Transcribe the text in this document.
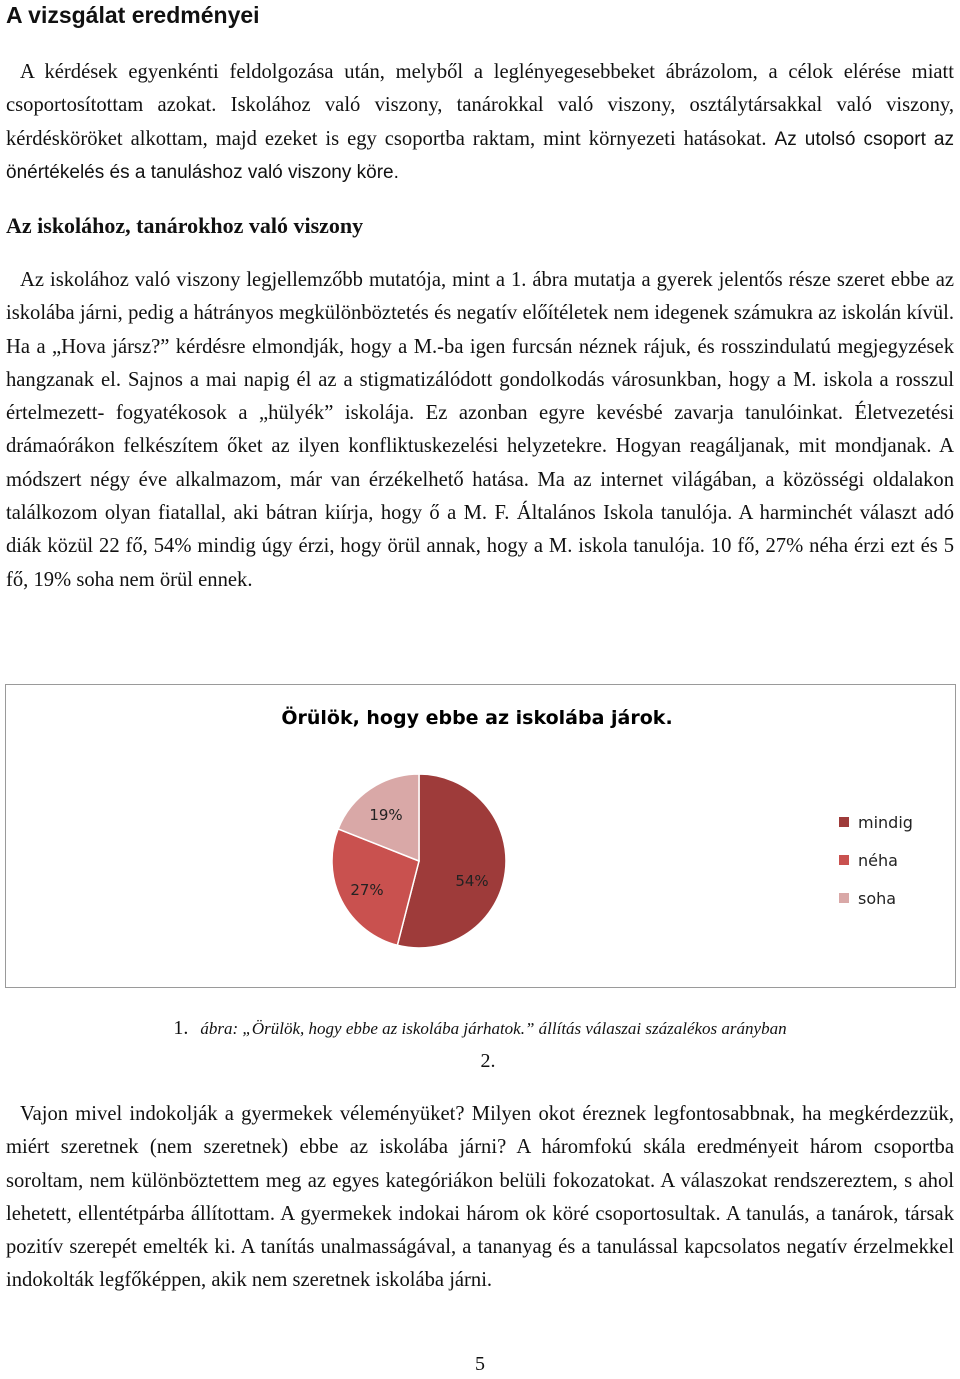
A vizsgálat eredményei

A kérdések egyenkénti feldolgozása után, melyből a leglényegesebbeket ábrázolom, a célok elérése miatt csoportosítottam azokat. Iskolához való viszony, tanárokkal való viszony, osztálytársakkal való viszony, kérdésköröket alkottam, majd ezeket is egy csoportba raktam, mint környezeti hatásokat. Az utolsó csoport az önértékelés és a tanuláshoz való viszony köre.

Az iskolához, tanárokhoz való viszony

Az iskolához való viszony legjellemzőbb mutatója, mint a 1. ábra mutatja a gyerek jelentős része szeret ebbe az iskolába járni, pedig a hátrányos megkülönböztetés és negatív előítéletek nem idegenek számukra az iskolán kívül. Ha a „Hova jársz?” kérdésre elmondják, hogy a M.-ba igen furcsán néznek rájuk, és rosszindulatú megjegyzések hangzanak el. Sajnos a mai napig él az a stigmatizálódott gondolkodás városunkban, hogy a M. iskola a rosszul értelmezett- fogyatékosok a „hülyék” iskolája. Ez azonban egyre kevésbé zavarja tanulóinkat. Életvezetési drámaórákon felkészítem őket az ilyen konfliktuskezelési helyzetekre. Hogyan reagáljanak, mit mondjanak. A módszert négy éve alkalmazom, már van érzékelhető hatása. Ma az internet világában, a közösségi oldalakon találkozom olyan fiatallal, aki bátran kiírja, hogy ő a M. F. Általános Iskola tanulója. A harminchét választ adó diák közül 22 fő, 54% mindig úgy érzi, hogy örül annak, hogy a M. iskola tanulója. 10 fő, 27% néha érzi ezt és 5 fő, 19% soha nem örül ennek.

Örülök, hogy ebbe az iskolába járok.
54%
27%
19%	mindig
néha
soha
1. ábra: „Örülök, hogy ebbe az iskolába járhatok.” állítás válaszai százalékos arányban
2.

Vajon mivel indokolják a gyermekek véleményüket? Milyen okot éreznek legfontosabbnak, ha megkérdezzük, miért szeretnek (nem szeretnek) ebbe az iskolába járni? A háromfokú skála eredményeit három csoportba soroltam, nem különböztettem meg az egyes kategóriákon belüli fokozatokat. A válaszokat rendszereztem, s ahol lehetett, ellentétpárba állítottam. A gyermekek indokai három ok köré csoportosultak. A tanulás, a tanárok, társak pozitív szerepét emelték ki. A tanítás unalmasságával, a tananyag és a tanulással kapcsolatos negatív érzelmekkel indokolták legfőképpen, akik nem szeretnek iskolába járni.

5
